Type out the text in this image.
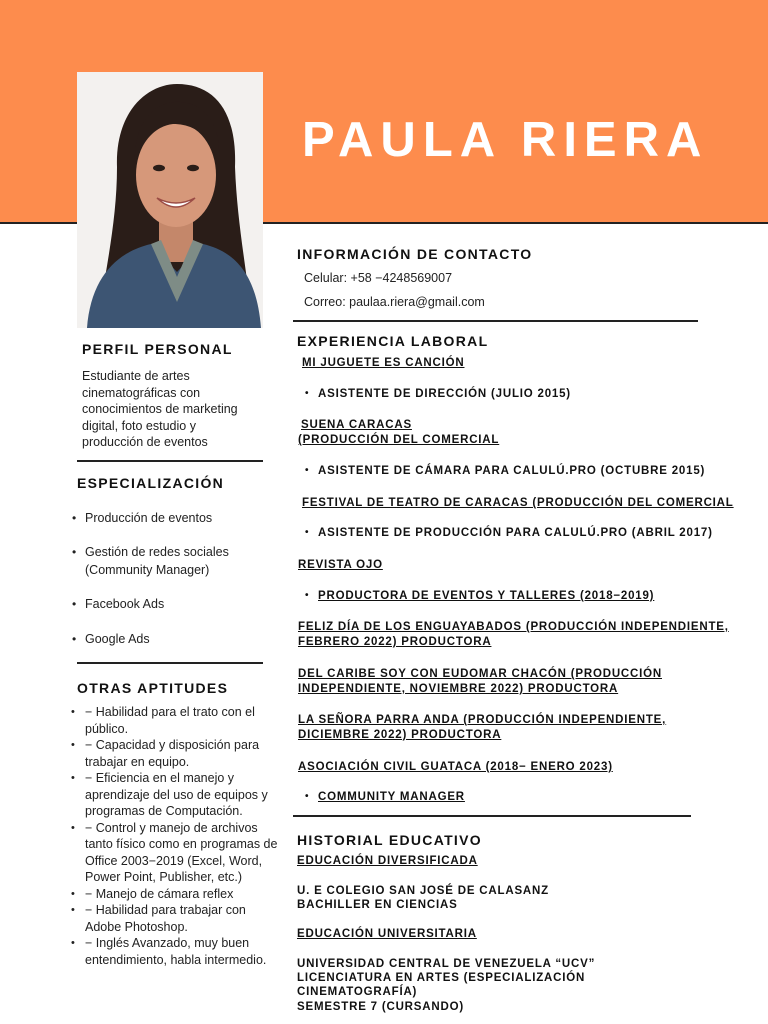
PAULA RIERA
PERFIL PERSONAL
Estudiante de artes cinematográficas con conocimientos de marketing digital, foto estudio y producción de eventos
ESPECIALIZACIÓN
• Producción de eventos
• Gestión de redes sociales (Community Manager)
• Facebook Ads
• Google Ads
OTRAS APTITUDES
• − Habilidad para el trato con el público.
• − Capacidad y disposición para trabajar en equipo.
• − Eficiencia en el manejo y aprendizaje del uso de equipos y programas de Computación.
• − Control y manejo de archivos tanto físico como en programas de Office 2003−2019 (Excel, Word, Power Point, Publisher, etc.)
• − Manejo de cámara reflex
• − Habilidad para trabajar con Adobe Photoshop.
• − Inglés Avanzado, muy buen entendimiento, habla intermedio.
INFORMACIÓN DE CONTACTO
Celular: +58 −4248569007
Correo: paulaa.riera@gmail.com
EXPERIENCIA LABORAL
MI JUGUETE ES CANCIÓN
• ASISTENTE DE DIRECCIÓN (JULIO 2015)
SUENA CARACAS
(PRODUCCIÓN DEL COMERCIAL
• ASISTENTE DE CÁMARA PARA CALULÚ.PRO (OCTUBRE 2015)
FESTIVAL DE TEATRO DE CARACAS (PRODUCCIÓN DEL COMERCIAL
• ASISTENTE DE PRODUCCIÓN PARA CALULÚ.PRO (ABRIL 2017)
REVISTA OJO
• PRODUCTORA DE EVENTOS Y TALLERES (2018−2019)
FELIZ DÍA DE LOS ENGUAYABADOS (PRODUCCIÓN INDEPENDIENTE,
FEBRERO 2022) PRODUCTORA
DEL CARIBE SOY CON EUDOMAR CHACÓN (PRODUCCIÓN
INDEPENDIENTE, NOVIEMBRE 2022) PRODUCTORA
LA SEÑORA PARRA ANDA (PRODUCCIÓN INDEPENDIENTE,
DICIEMBRE 2022) PRODUCTORA
ASOCIACIÓN CIVIL GUATACA (2018− ENERO 2023)
• COMMUNITY MANAGER
HISTORIAL EDUCATIVO
EDUCACIÓN DIVERSIFICADA
U. E COLEGIO SAN JOSÉ DE CALASANZ
BACHILLER EN CIENCIAS
EDUCACIÓN UNIVERSITARIA
UNIVERSIDAD CENTRAL DE VENEZUELA “UCV”
LICENCIATURA EN ARTES (ESPECIALIZACIÓN
CINEMATOGRAFÍA)
SEMESTRE 7 (CURSANDO)
